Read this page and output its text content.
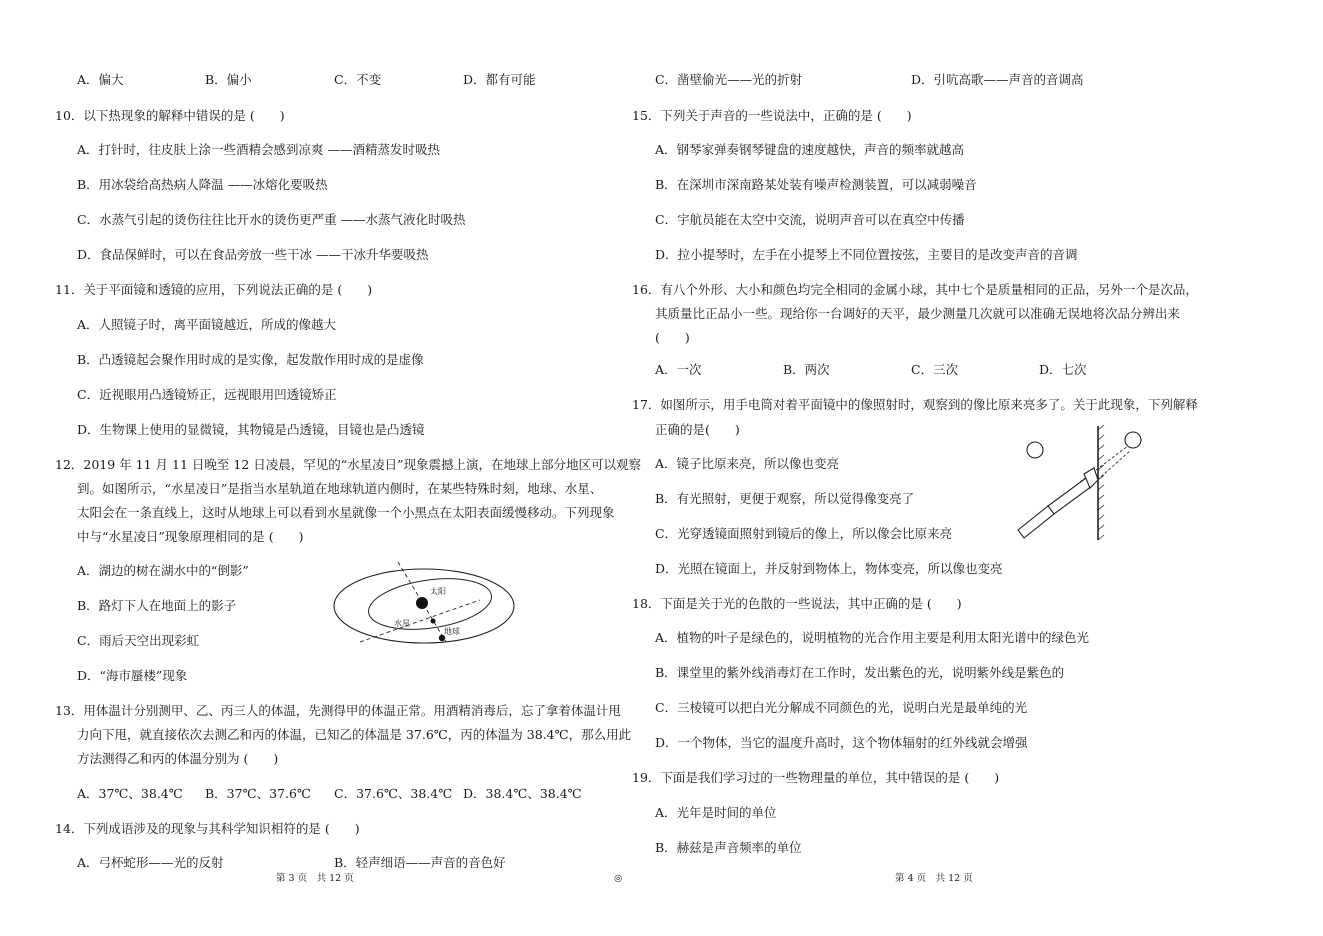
A．偏大	B．偏小	C．不变	D．都有可能
10．以下热现象的解释中错误的是 (　　)
A．打针时，往皮肤上涂一些酒精会感到凉爽 ——酒精蒸发时吸热
B．用冰袋给高热病人降温 ——冰熔化要吸热
C．水蒸气引起的烫伤往往比开水的烫伤更严重 ——水蒸气液化时吸热
D．食品保鲜时，可以在食品旁放一些干冰 ——干冰升华要吸热
11．关于平面镜和透镜的应用，下列说法正确的是 (　　)
A．人照镜子时，离平面镜越近，所成的像越大
B．凸透镜起会聚作用时成的是实像，起发散作用时成的是虚像
C．近视眼用凸透镜矫正，远视眼用凹透镜矫正
D．生物课上使用的显微镜，其物镜是凸透镜，目镜也是凸透镜
12．2019 年 11 月 11 日晚至 12 日凌晨，罕见的“水星凌日”现象震撼上演，在地球上部分地区可以观察
到。如图所示，“水星凌日”是指当水星轨道在地球轨道内侧时，在某些特殊时刻，地球、水星、
太阳会在一条直线上，这时从地球上可以看到水星就像一个小黑点在太阳表面缓慢移动。下列现象
中与“水星凌日”现象原理相同的是 (　　)
A．湖边的树在湖水中的“倒影”
B．路灯下人在地面上的影子
C．雨后天空出现彩虹
D．“海市蜃楼”现象
太阳
水星
地球
13．用体温计分别测甲、乙、丙三人的体温，先测得甲的体温正常。用酒精消毒后，忘了拿着体温计甩
力向下甩，就直接依次去测乙和丙的体温，已知乙的体温是 37.6℃，丙的体温为 38.4℃，那么用此
方法测得乙和丙的体温分别为 (　　)
A．37℃、38.4℃ B．37℃、37.6℃ C．37.6℃、38.4℃ D．38.4℃、38.4℃
14．下列成语涉及的现象与其科学知识相符的是 (　　)
A．弓杯蛇形——光的反射	B．轻声细语——声音的音色好
第 3 页　共 12 页	◎
C．凿壁偷光——光的折射	D．引吭高歌——声音的音调高
15．下列关于声音的一些说法中，正确的是 (　　)
A．钢琴家弹奏钢琴键盘的速度越快，声音的频率就越高
B．在深圳市深南路某处装有噪声检测装置，可以减弱噪音
C．宇航员能在太空中交流，说明声音可以在真空中传播
D．拉小提琴时，左手在小提琴上不同位置按弦，主要目的是改变声音的音调
16．有八个外形、大小和颜色均完全相同的金属小球，其中七个是质量相同的正品，另外一个是次品，
其质量比正品小一些。现给你一台调好的天平，最少测量几次就可以准确无误地将次品分辨出来
(　　)
A．一次	B．两次	C．三次	D．七次
17．如图所示，用手电筒对着平面镜中的像照射时，观察到的像比原来亮多了。关于此现象，下列解释
正确的是(　　)
A．镜子比原来亮，所以像也变亮
B．有光照射，更便于观察，所以觉得像变亮了
C．光穿透镜面照射到镜后的像上，所以像会比原来亮
D．光照在镜面上，并反射到物体上，物体变亮，所以像也变亮
18．下面是关于光的色散的一些说法，其中正确的是 (　　)
A．植物的叶子是绿色的，说明植物的光合作用主要是利用太阳光谱中的绿色光
B．课堂里的紫外线消毒灯在工作时，发出紫色的光，说明紫外线是紫色的
C．三棱镜可以把白光分解成不同颜色的光，说明白光是最单纯的光
D．一个物体，当它的温度升高时，这个物体辐射的红外线就会增强
19．下面是我们学习过的一些物理量的单位，其中错误的是 (　　)
A．光年是时间的单位
B．赫兹是声音频率的单位
第 4 页　共 12 页
